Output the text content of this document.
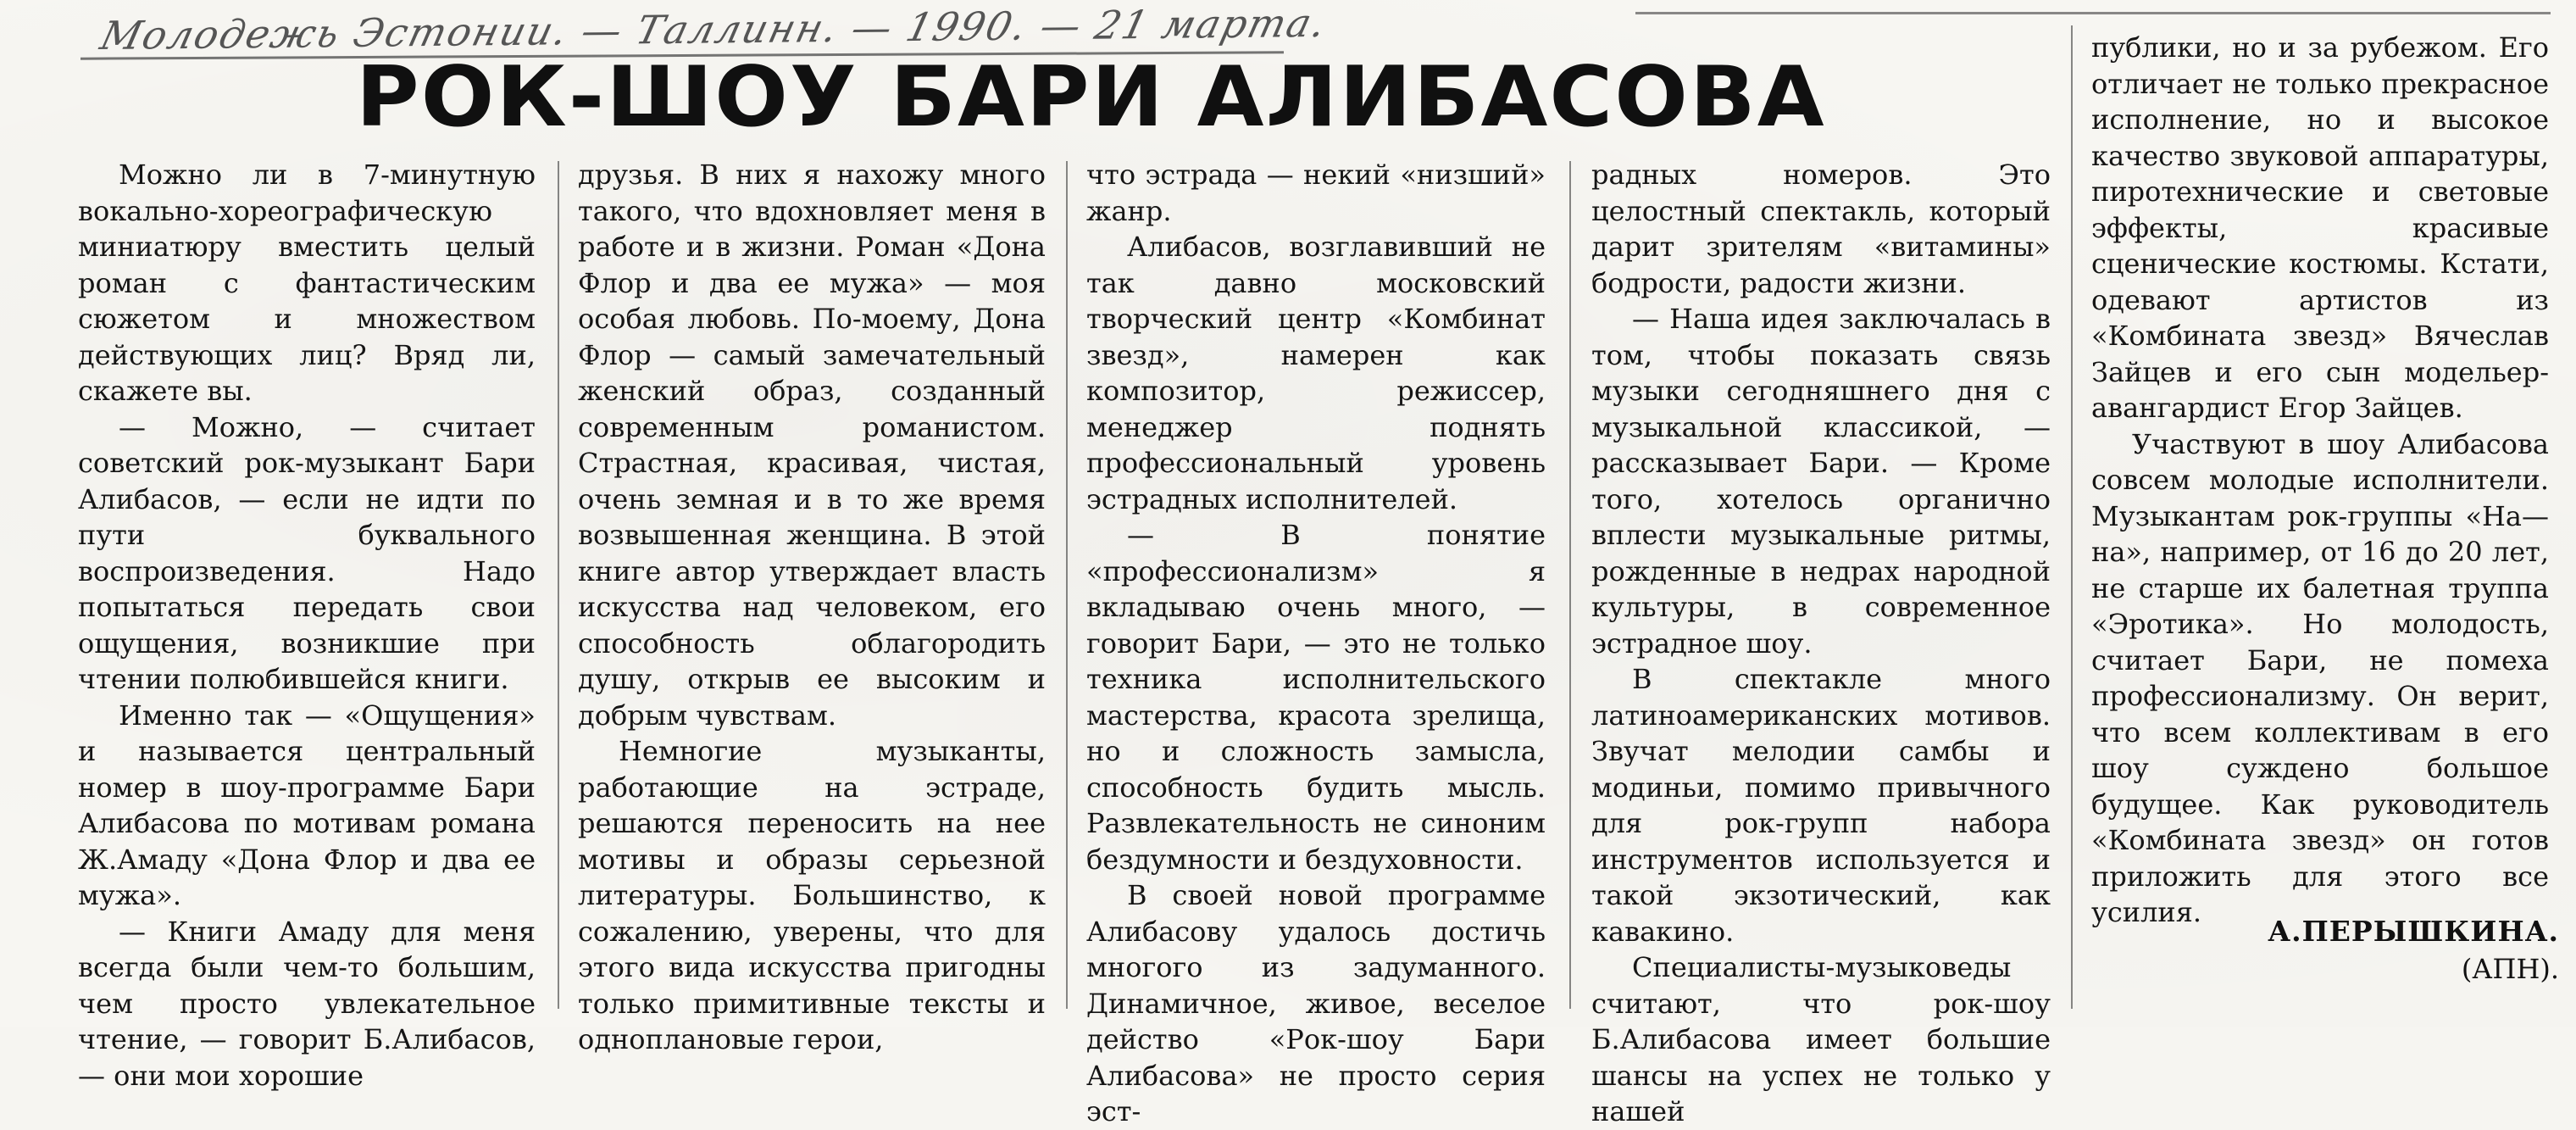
Молодежь Эстонии. — Таллинн. — 1990. — 21 марта.
РОК-ШОУ БАРИ АЛИБАСОВА

Можно ли в 7-минутную вокально-хореографическую миниатюру вместить целый роман с фантастическим сюжетом и множеством действующих лиц? Вряд ли, скажете вы.

— Можно, — считает советский рок-музыкант Бари Алибасов, — если не идти по пути буквального воспроизведения. Надо попытаться передать свои ощущения, возникшие при чтении полюбившейся книги.

Именно так — «Ощущения» и называется центральный номер в шоу-программе Бари Алибасова по мотивам романа Ж.Амаду «Дона Флор и два ее мужа».

— Книги Амаду для меня всегда были чем-то большим, чем просто увлекательное чтение, — говорит Б.Алибасов, — они мои хорошие

друзья. В них я нахожу много такого, что вдохновляет меня в работе и в жизни. Роман «Дона Флор и два ее мужа» — моя особая любовь. По-моему, Дона Флор — самый замечательный женский образ, созданный современным романистом. Страстная, красивая, чистая, очень земная и в то же время возвышенная женщина. В этой книге автор утверждает власть искусства над человеком, его способность облагородить душу, открыв ее высоким и добрым чувствам.

Немногие музыканты, работающие на эстраде, решаются переносить на нее мотивы и образы серьезной литературы. Большинство, к сожалению, уверены, что для этого вида искусства пригодны только примитивные тексты и одноплановые герои,

что эстрада — некий «низший» жанр.

Алибасов, возглавивший не так давно московский творческий центр «Комбинат звезд», намерен как композитор, режиссер, менеджер поднять профессиональный уровень эстрадных исполнителей.

— В понятие «профессионализм» я вкладываю очень много, — говорит Бари, — это не только техника исполнительского мастерства, красота зрелища, но и сложность замысла, способность будить мысль. Развлекательность не синоним бездумности и бездуховности.

В своей новой программе Алибасову удалось достичь многого из задуманного. Динамичное, живое, веселое действо «Рок-шоу Бари Алибасова» не просто серия эст-

радных номеров. Это целостный спектакль, который дарит зрителям «витамины» бодрости, радости жизни.

— Наша идея заключалась в том, чтобы показать связь музыки сегодняшнего дня с музыкальной классикой, — рассказывает Бари. — Кроме того, хотелось органично вплести музыкальные ритмы, рожденные в недрах народной культуры, в современное эстрадное шоу.

В спектакле много латиноамериканских мотивов. Звучат мелодии самбы и модиньи, помимо привычного для рок-групп набора инструментов используется и такой экзотический, как кавакино.

Специалисты-музыковеды считают, что рок-шоу Б.Алибасова имеет большие шансы на успех не только у нашей

публики, но и за рубежом. Его отличает не только прекрасное исполнение, но и высокое качество звуковой аппаратуры, пиротехнические и световые эффекты, красивые сценические костюмы. Кстати, одевают артистов из «Комбината звезд» Вячеслав Зайцев и его сын модельер-авангардист Егор Зайцев.

Участвуют в шоу Алибасова совсем молодые исполнители. Музыкантам рок-группы «На—на», например, от 16 до 20 лет, не старше их балетная труппа «Эротика». Но молодость, считает Бари, не помеха профессионализму. Он верит, что всем коллективам в его шоу суждено большое будущее. Как руководитель «Комбината звезд» он готов приложить для этого все усилия.

А.ПЕРЫШКИНА.
(АПН).
